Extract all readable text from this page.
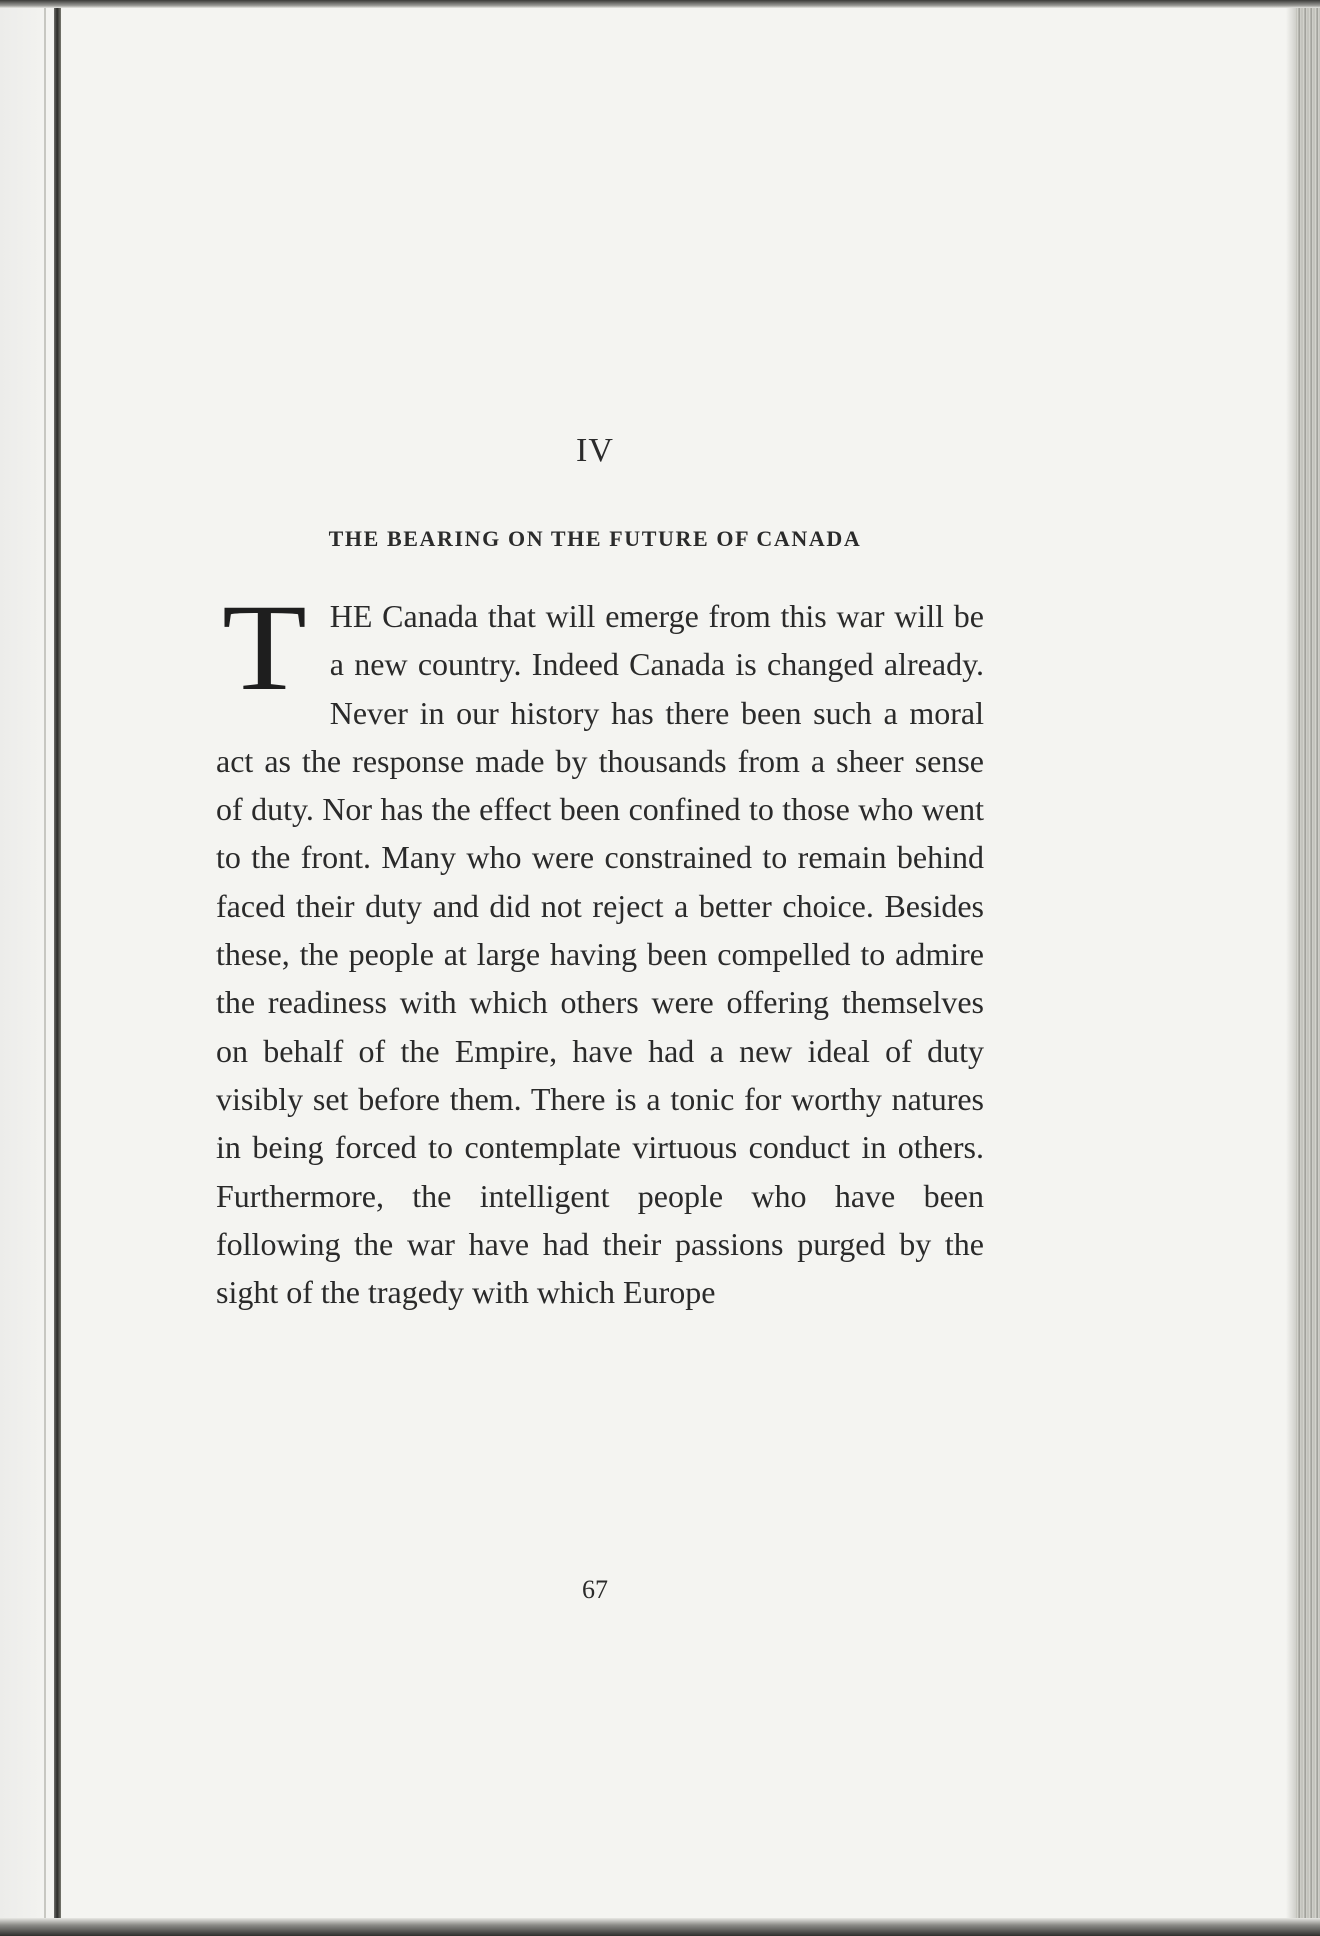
IV
THE BEARING ON THE FUTURE OF CANADA
THE Canada that will emerge from this war will be a new country. Indeed Canada is changed already. Never in our history has there been such a moral act as the response made by thousands from a sheer sense of duty. Nor has the effect been confined to those who went to the front. Many who were constrained to remain behind faced their duty and did not reject a better choice. Besides these, the people at large having been compelled to admire the readiness with which others were offering themselves on behalf of the Empire, have had a new ideal of duty visibly set before them. There is a tonic for worthy natures in being forced to contemplate virtuous conduct in others. Furthermore, the intelligent people who have been following the war have had their passions purged by the sight of the tragedy with which Europe
67
